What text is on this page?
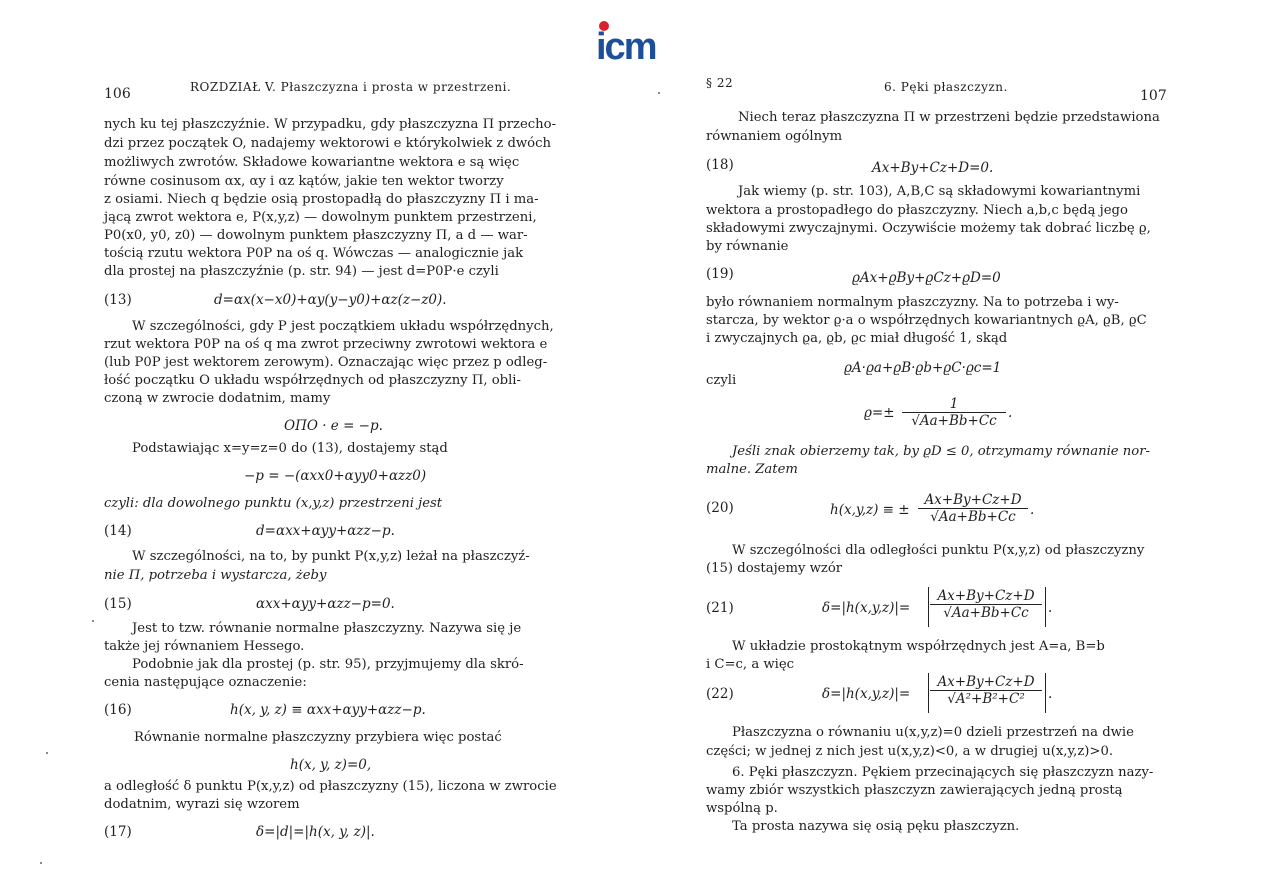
icm
106	ROZDZIAŁ V. Płaszczyzna i prosta w przestrzeni.
nych ku tej płaszczyźnie. W przypadku, gdy płaszczyzna Π przecho-
dzi przez początek O, nadajemy wektorowi e którykolwiek z dwóch
możliwych zwrotów. Składowe kowariantne wektora e są więc
równe cosinusom αx, αy i αz kątów, jakie ten wektor tworzy
z osiami. Niech q będzie osią prostopadłą do płaszczyzny Π i ma-
jącą zwrot wektora e, P(x,y,z) — dowolnym punktem przestrzeni,
P0(x0, y0, z0) — dowolnym punktem płaszczyzny Π, a d — war-
tością rzutu wektora P0P na oś q. Wówczas — analogicznie jak
dla prostej na płaszczyźnie (p. str. 94) — jest d=P0P·e czyli
(13)	d=αx(x−x0)+αy(y−y0)+αz(z−z0).
W szczególności, gdy P jest początkiem układu współrzędnych,
rzut wektora P0P na oś q ma zwrot przeciwny zwrotowi wektora e
(lub P0P jest wektorem zerowym). Oznaczając więc przez p odleg-
łość początku O układu współrzędnych od płaszczyzny Π, obli-
czoną w zwrocie dodatnim, mamy
OΠO · e = −p.
Podstawiając x=y=z=0 do (13), dostajemy stąd
−p = −(αxx0+αyy0+αzz0)
czyli: dla dowolnego punktu (x,y,z) przestrzeni jest
(14)	d=αxx+αyy+αzz−p.
W szczególności, na to, by punkt P(x,y,z) leżał na płaszczyź-
nie Π, potrzeba i wystarcza, żeby
(15)	αxx+αyy+αzz−p=0.
Jest to tzw. równanie normalne płaszczyzny. Nazywa się je
także jej równaniem Hessego.
Podobnie jak dla prostej (p. str. 95), przyjmujemy dla skró-
cenia następujące oznaczenie:
(16)	h(x, y, z) ≡ αxx+αyy+αzz−p.
Równanie normalne płaszczyzny przybiera więc postać
h(x, y, z)=0,
a odległość δ punktu P(x,y,z) od płaszczyzny (15), liczona w zwrocie
dodatnim, wyrazi się wzorem
(17)	δ=|d|=|h(x, y, z)|.
§ 22	6. Pęki płaszczyzn.
107
Niech teraz płaszczyzna Π w przestrzeni będzie przedstawiona
równaniem ogólnym
(18)	Ax+By+Cz+D=0.
Jak wiemy (p. str. 103), A,B,C są składowymi kowariantnymi
wektora a prostopadłego do płaszczyzny. Niech a,b,c będą jego
składowymi zwyczajnymi. Oczywiście możemy tak dobrać liczbę ϱ,
by równanie
(19)	ϱAx+ϱBy+ϱCz+ϱD=0
było równaniem normalnym płaszczyzny. Na to potrzeba i wy-
starcza, by wektor ϱ·a o współrzędnych kowariantnych ϱA, ϱB, ϱC
i zwyczajnych ϱa, ϱb, ϱc miał długość 1, skąd
ϱA·ϱa+ϱB·ϱb+ϱC·ϱc=1
czyli
$ϱ=\pm \frac{1}{√Aa+Bb+Cc}$ .
Jeśli znak obierzemy tak, by ϱD ≤ 0, otrzymamy równanie nor-
malne. Zatem
(20)	h(x,y,z) ≡ ± $\frac{Ax+By+Cz+D}{√Aa+Bb+Cc}$ .
W szczególności dla odległości punktu P(x,y,z) od płaszczyzny
(15) dostajemy wzór
(21)	$\delta=|h(x,y,z)|= \frac{Ax+By+Cz+D}{√Aa+Bb+Cc}$ .
W układzie prostokątnym współrzędnych jest A=a, B=b
i C=c, a więc
(22)	$\delta=|h(x,y,z)|= \frac{Ax+By+Cz+D}{\text{√A²+B²+C²}}$ .
Płaszczyzna o równaniu u(x,y,z)=0 dzieli przestrzeń na dwie
części; w jednej z nich jest u(x,y,z)<0, a w drugiej u(x,y,z)>0.
6. Pęki płaszczyzn. Pękiem przecinających się płaszczyzn nazy-
wamy zbiór wszystkich płaszczyzn zawierających jedną prostą
wspólną p.
Ta prosta nazywa się osią pęku płaszczyzn.
